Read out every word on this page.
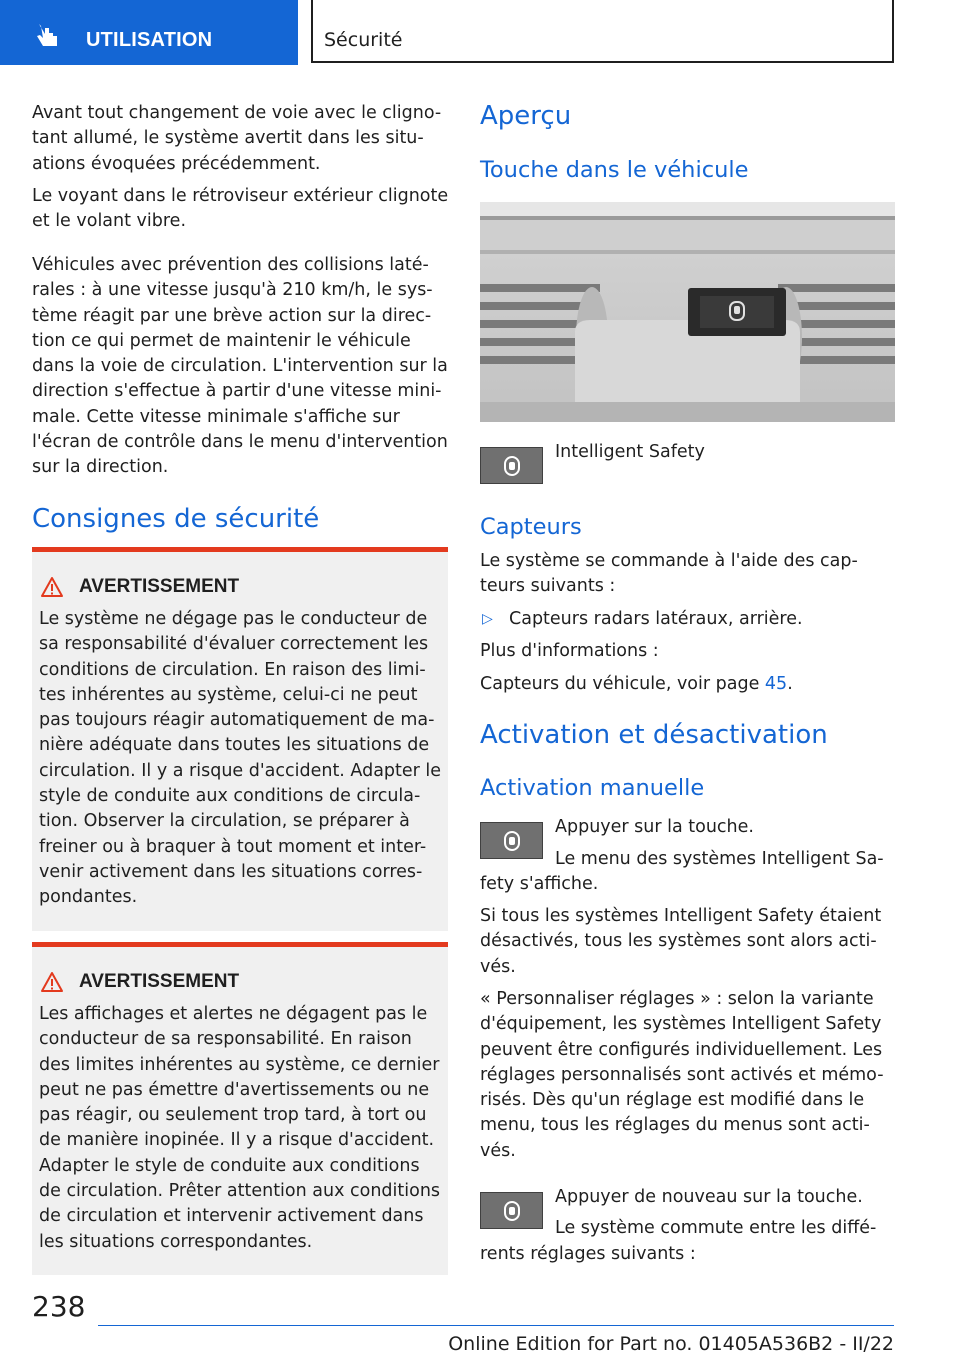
UTILISATION	Sécurité

Avant tout changement de voie avec le cligno-

tant allumé, le système avertit dans les situ-

ations évoquées précédemment.

Le voyant dans le rétroviseur extérieur clignote

et le volant vibre.

Véhicules avec prévention des collisions laté-

rales : à une vitesse jusqu'à 210 km/h, le sys-

tème réagit par une brève action sur la direc-

tion ce qui permet de maintenir le véhicule

dans la voie de circulation. L'intervention sur la

direction s'effectue à partir d'une vitesse mini-

male. Cette vitesse minimale s'affiche sur

l'écran de contrôle dans le menu d'intervention

sur la direction.

Consignes de sécurité
AVERTISSEMENT

Le système ne dégage pas le conducteur de

sa responsabilité d'évaluer correctement les

conditions de circulation. En raison des limi-

tes inhérentes au système, celui-ci ne peut

pas toujours réagir automatiquement de ma-

nière adéquate dans toutes les situations de

circulation. Il y a risque d'accident. Adapter le

style de conduite aux conditions de circula-

tion. Observer la circulation, se préparer à

freiner ou à braquer à tout moment et inter-

venir activement dans les situations corres-

pondantes.

AVERTISSEMENT

Les affichages et alertes ne dégagent pas le

conducteur de sa responsabilité. En raison

des limites inhérentes au système, ce dernier

peut ne pas émettre d'avertissements ou ne

pas réagir, ou seulement trop tard, à tort ou

de manière inopinée. Il y a risque d'accident.

Adapter le style de conduite aux conditions

de circulation. Prêter attention aux conditions

de circulation et intervenir activement dans

les situations correspondantes.

Aperçu
Touche dans le véhicule

Intelligent Safety

Capteurs

Le système se commande à l'aide des cap-

teurs suivants :

▷ Capteurs radars latéraux, arrière.

Plus d'informations :

Capteurs du véhicule, voir page 45.

Activation et désactivation
Activation manuelle

Appuyer sur la touche.

Le menu des systèmes Intelligent Sa-

fety s'affiche.

Si tous les systèmes Intelligent Safety étaient

désactivés, tous les systèmes sont alors acti-

vés.

« Personnaliser réglages » : selon la variante

d'équipement, les systèmes Intelligent Safety

peuvent être configurés individuellement. Les

réglages personnalisés sont activés et mémo-

risés. Dès qu'un réglage est modifié dans le

menu, tous les réglages du menus sont acti-

vés.

Appuyer de nouveau sur la touche.

Le système commute entre les diffé-

rents réglages suivants :

238
Online Edition for Part no. 01405A536B2 - II/22
